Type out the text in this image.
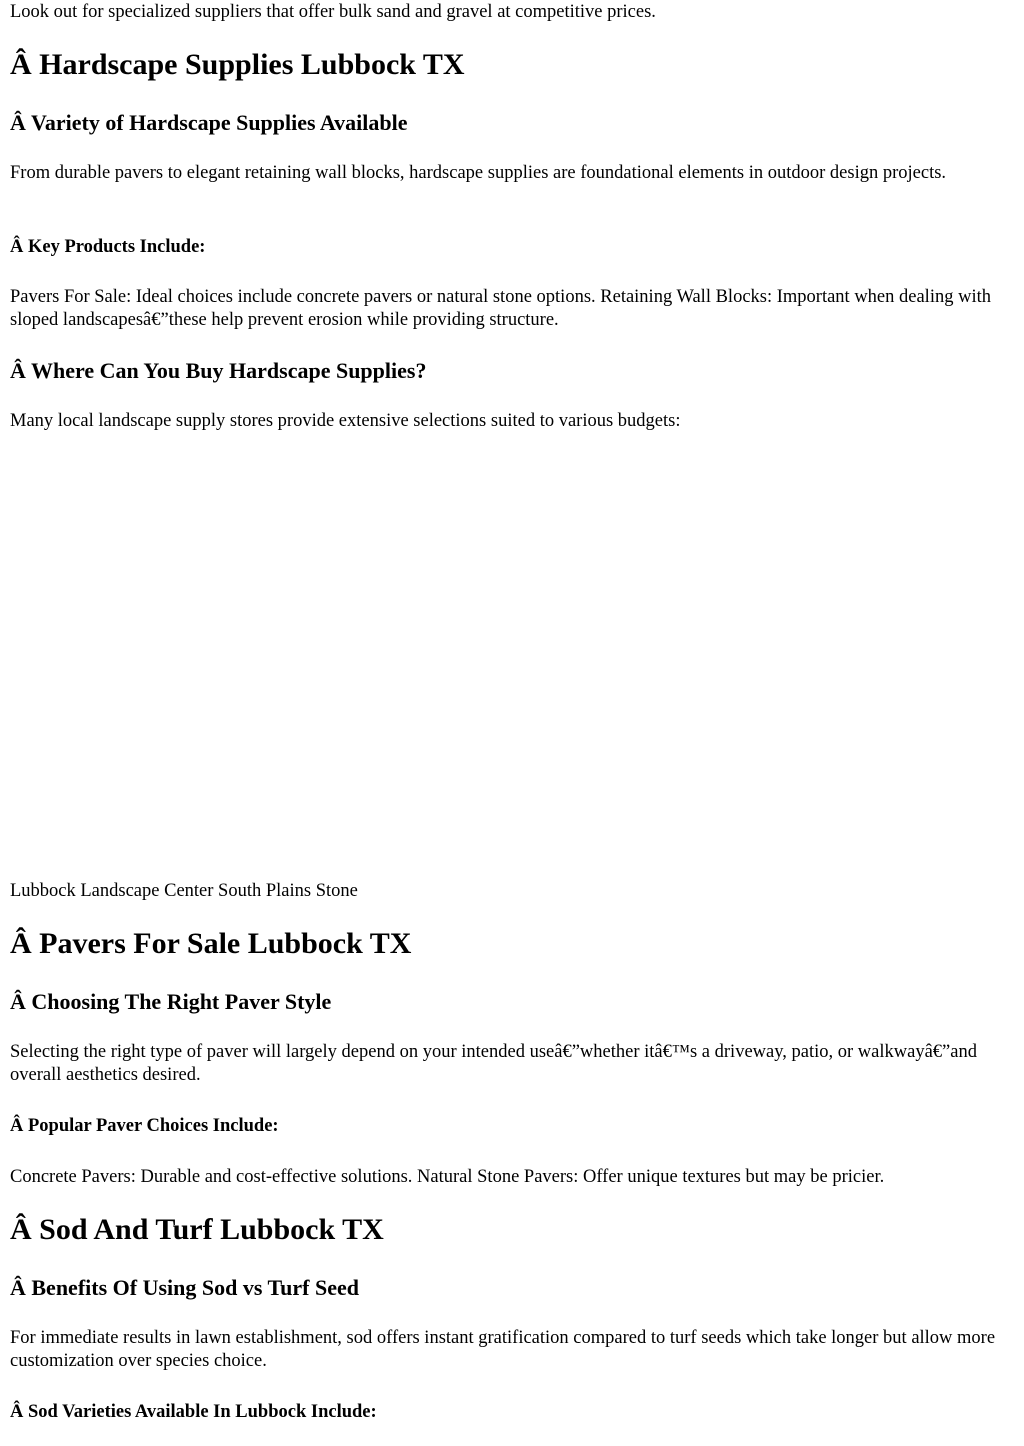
Look out for specialized suppliers that offer bulk sand and gravel at competitive prices.

Â Hardscape Supplies Lubbock TX
Â Variety of Hardscape Supplies Available

From durable pavers to elegant retaining wall blocks, hardscape supplies are foundational elements in outdoor design projects.

Â Key Products Include:

Pavers For Sale: Ideal choices include concrete pavers or natural stone options. Retaining Wall Blocks: Important when dealing with sloped landscapesâ€”these help prevent erosion while providing structure.

Â Where Can You Buy Hardscape Supplies?

Many local landscape supply stores provide extensive selections suited to various budgets:

Lubbock Landscape Center South Plains Stone

Â Pavers For Sale Lubbock TX
Â Choosing The Right Paver Style

Selecting the right type of paver will largely depend on your intended useâ€”whether itâ€™s a driveway, patio, or walkwayâ€”and overall aesthetics desired.

Â Popular Paver Choices Include:

Concrete Pavers: Durable and cost-effective solutions. Natural Stone Pavers: Offer unique textures but may be pricier.

Â Sod And Turf Lubbock TX
Â Benefits Of Using Sod vs Turf Seed

For immediate results in lawn establishment, sod offers instant gratification compared to turf seeds which take longer but allow more customization over species choice.

Â Sod Varieties Available In Lubbock Include:
